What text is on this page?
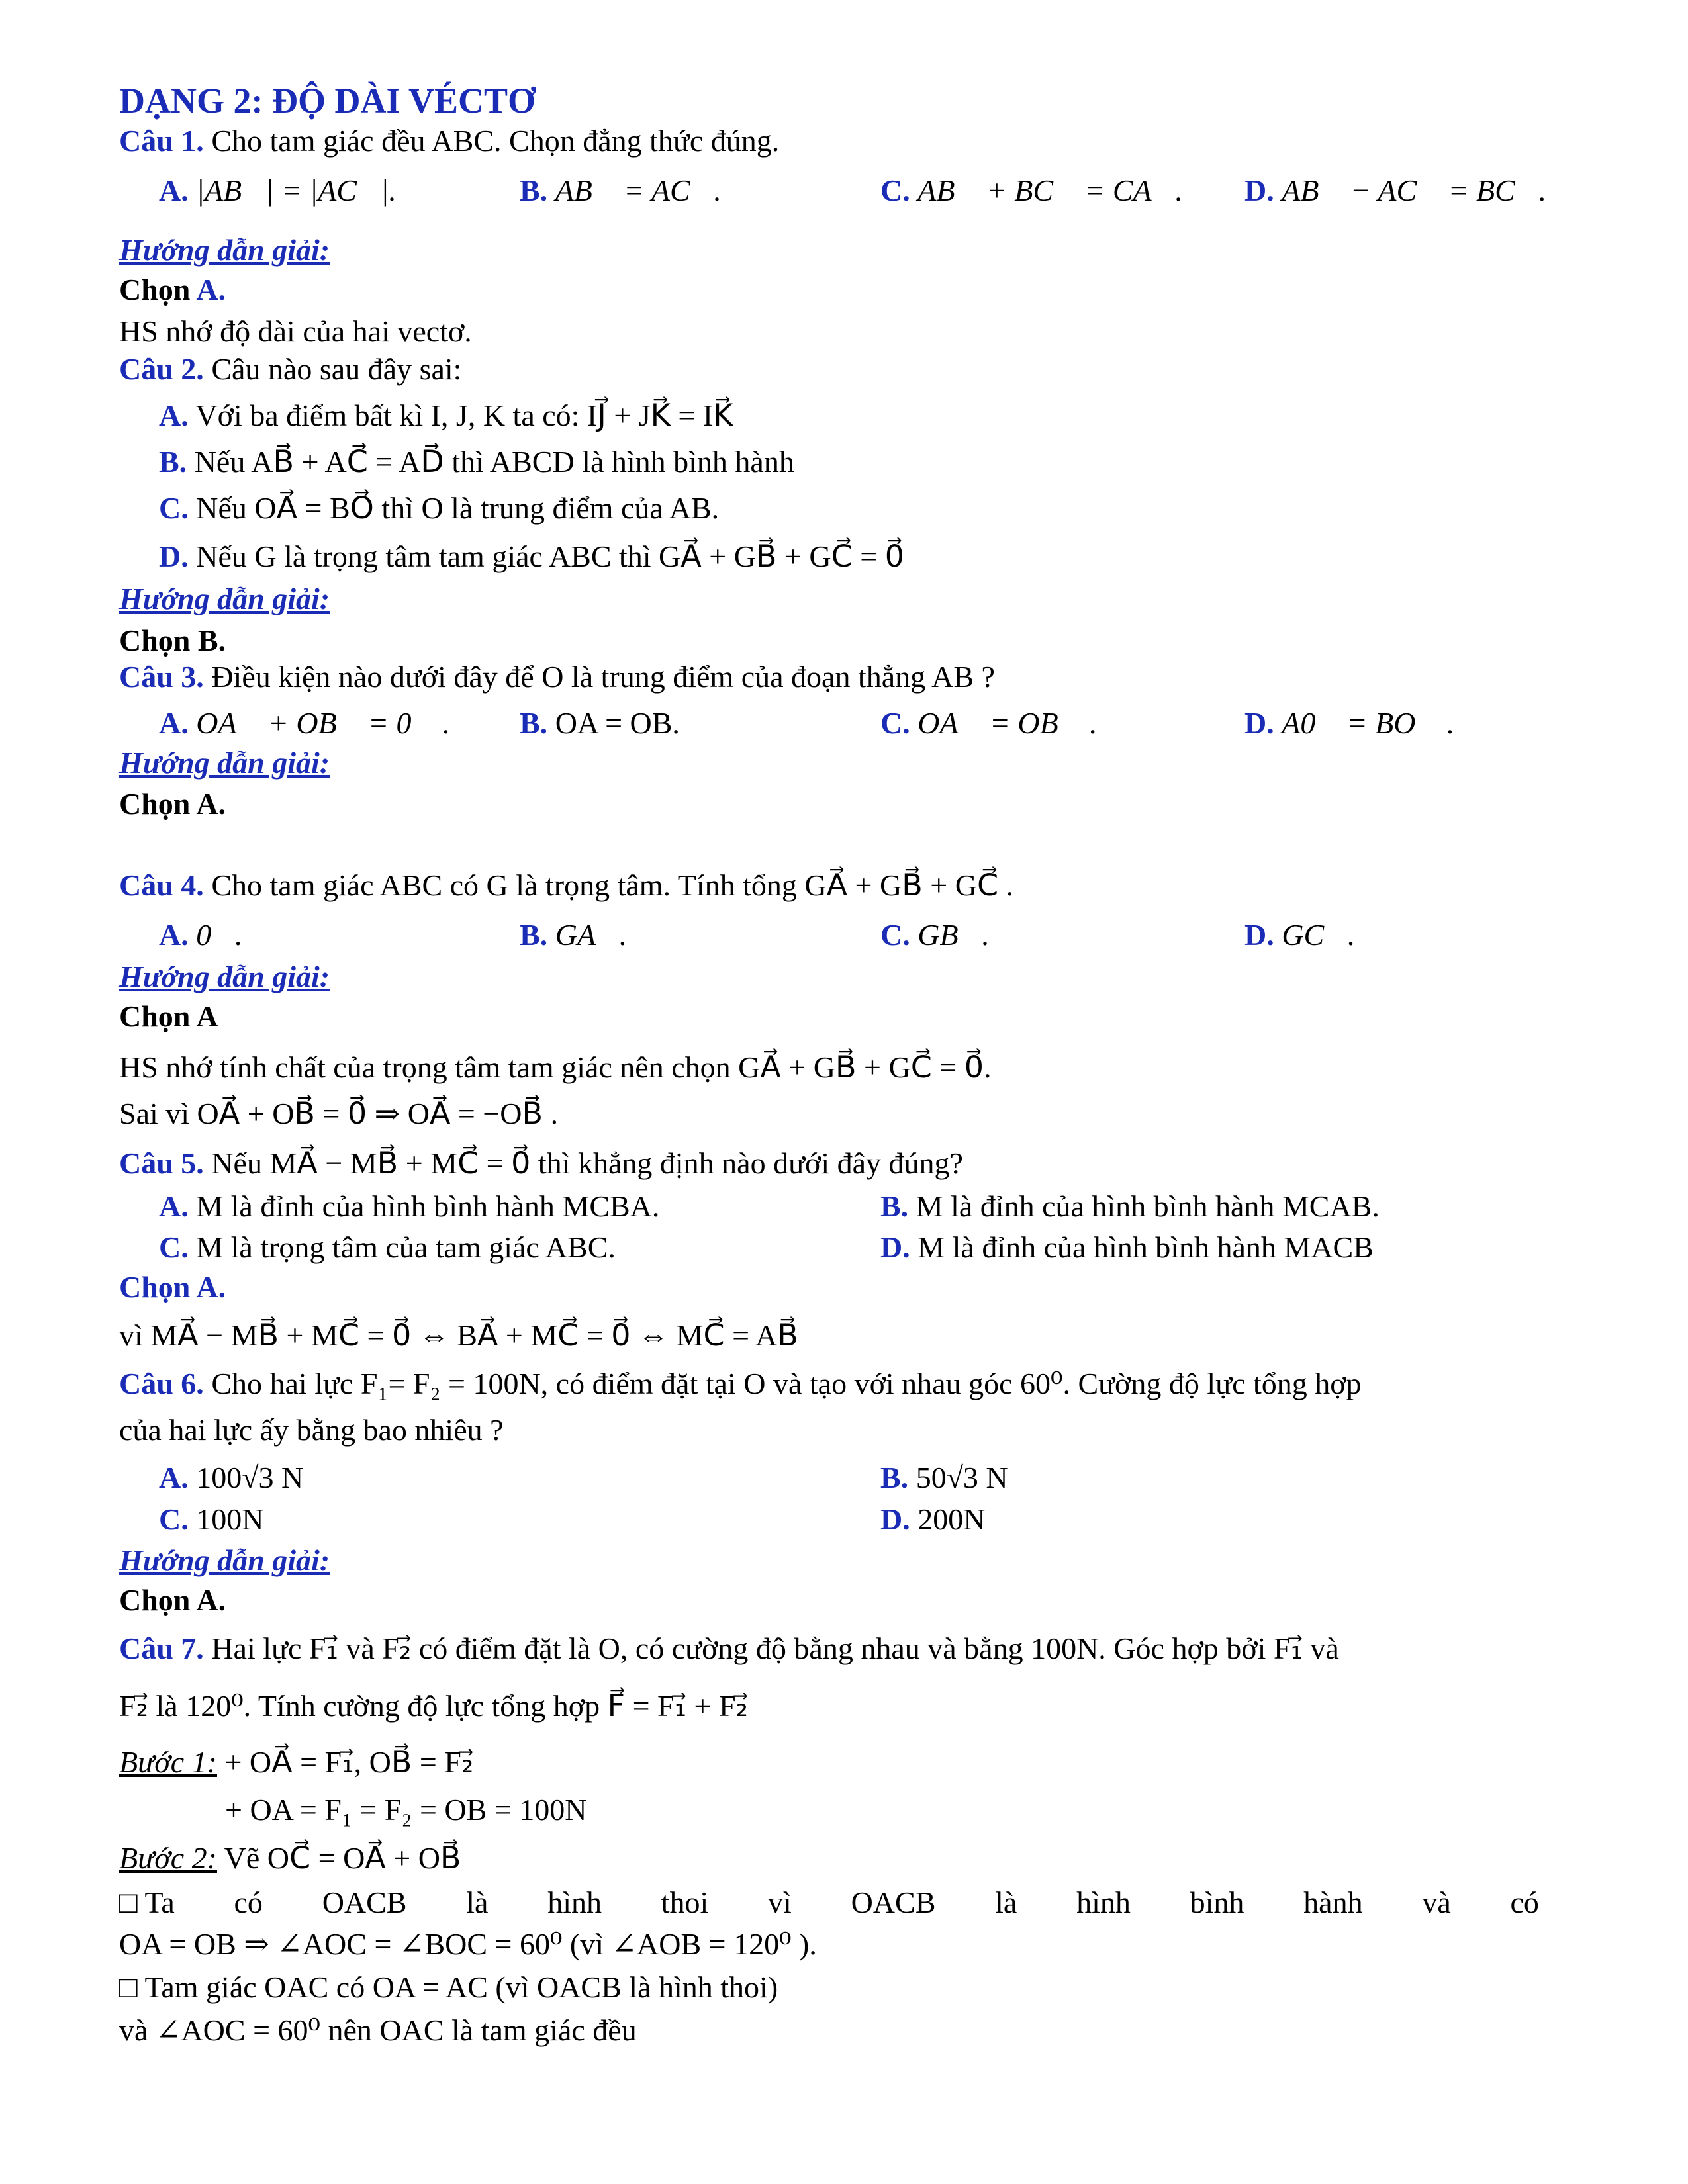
DẠNG 2: ĐỘ DÀI VÉCTƠ
Câu 1. Cho tam giác đều ABC. Chọn đẳng thức đúng.
A. |AB⃗| = |AC⃗|.	B. AB⃗ = AC⃗.	C. AB⃗ + BC⃗ = CA⃗. D. AB⃗ − AC⃗ = BC⃗.
Hướng dẫn giải:
Chọn A.
HS nhớ độ dài của hai vectơ.
Câu 2. Câu nào sau đây sai:
A. Với ba điểm bất kì I, J, K ta có: IJ⃗ + JK⃗ = IK⃗
B. Nếu AB⃗ + AC⃗ = AD⃗ thì ABCD là hình bình hành
C. Nếu OA⃗ = BO⃗ thì O là trung điểm của AB.
D. Nếu G là trọng tâm tam giác ABC thì GA⃗ + GB⃗ + GC⃗ = 0⃗
Hướng dẫn giải:
Chọn B.
Câu 3. Điều kiện nào dưới đây để O là trung điểm của đoạn thẳng AB ?
A. OA⃗ + OB⃗ = 0⃗ . B. OA = OB.	C. OA⃗ = OB⃗ .	D. A0⃗ = BO⃗ .
Hướng dẫn giải:
Chọn A.
Câu 4. Cho tam giác ABC có G là trọng tâm. Tính tổng GA⃗ + GB⃗ + GC⃗ .
A. 0⃗.	B. GA⃗.	C. GB⃗.	D. GC⃗.
Hướng dẫn giải:
Chọn A
HS nhớ tính chất của trọng tâm tam giác nên chọn GA⃗ + GB⃗ + GC⃗ = 0⃗.
Sai vì OA⃗ + OB⃗ = 0⃗ ⇒ OA⃗ = −OB⃗ .
Câu 5. Nếu MA⃗ − MB⃗ + MC⃗ = 0⃗ thì khẳng định nào dưới đây đúng?
A. M là đỉnh của hình bình hành MCBA.	B. M là đỉnh của hình bình hành MCAB.
C. M là trọng tâm của tam giác ABC.	D. M là đỉnh của hình bình hành MACB
Chọn A.
vì MA⃗ − MB⃗ + MC⃗ = 0⃗ ⇔ BA⃗ + MC⃗ = 0⃗ ⇔ MC⃗ = AB⃗
Câu 6. Cho hai lực F₁= F₂ = 100N, có điểm đặt tại O và tạo với nhau góc 60⁰. Cường độ lực tổng hợp
của hai lực ấy bằng bao nhiêu ?
A. 100√3 N	B. 50√3 N
C. 100N	D. 200N
Hướng dẫn giải:
Chọn A.
Câu 7. Hai lực F₁⃗ và F₂⃗ có điểm đặt là O, có cường độ bằng nhau và bằng 100N. Góc hợp bởi F₁⃗ và
F₂⃗ là 120⁰. Tính cường độ lực tổng hợp F⃗ = F₁⃗ + F₂⃗
Bước 1: + OA⃗ = F₁⃗, OB⃗ = F₂⃗
+ OA = F₁ = F₂ = OB = 100N
Bước 2: Vẽ OC⃗ = OA⃗ + OB⃗
□ Ta có OACB là hình thoi vì OACB là hình bình hành và có
OA = OB ⇒ ∠AOC = ∠BOC = 60⁰ (vì ∠AOB = 120⁰ ).
□ Tam giác OAC có OA = AC (vì OACB là hình thoi)
và ∠AOC = 60⁰ nên OAC là tam giác đều
